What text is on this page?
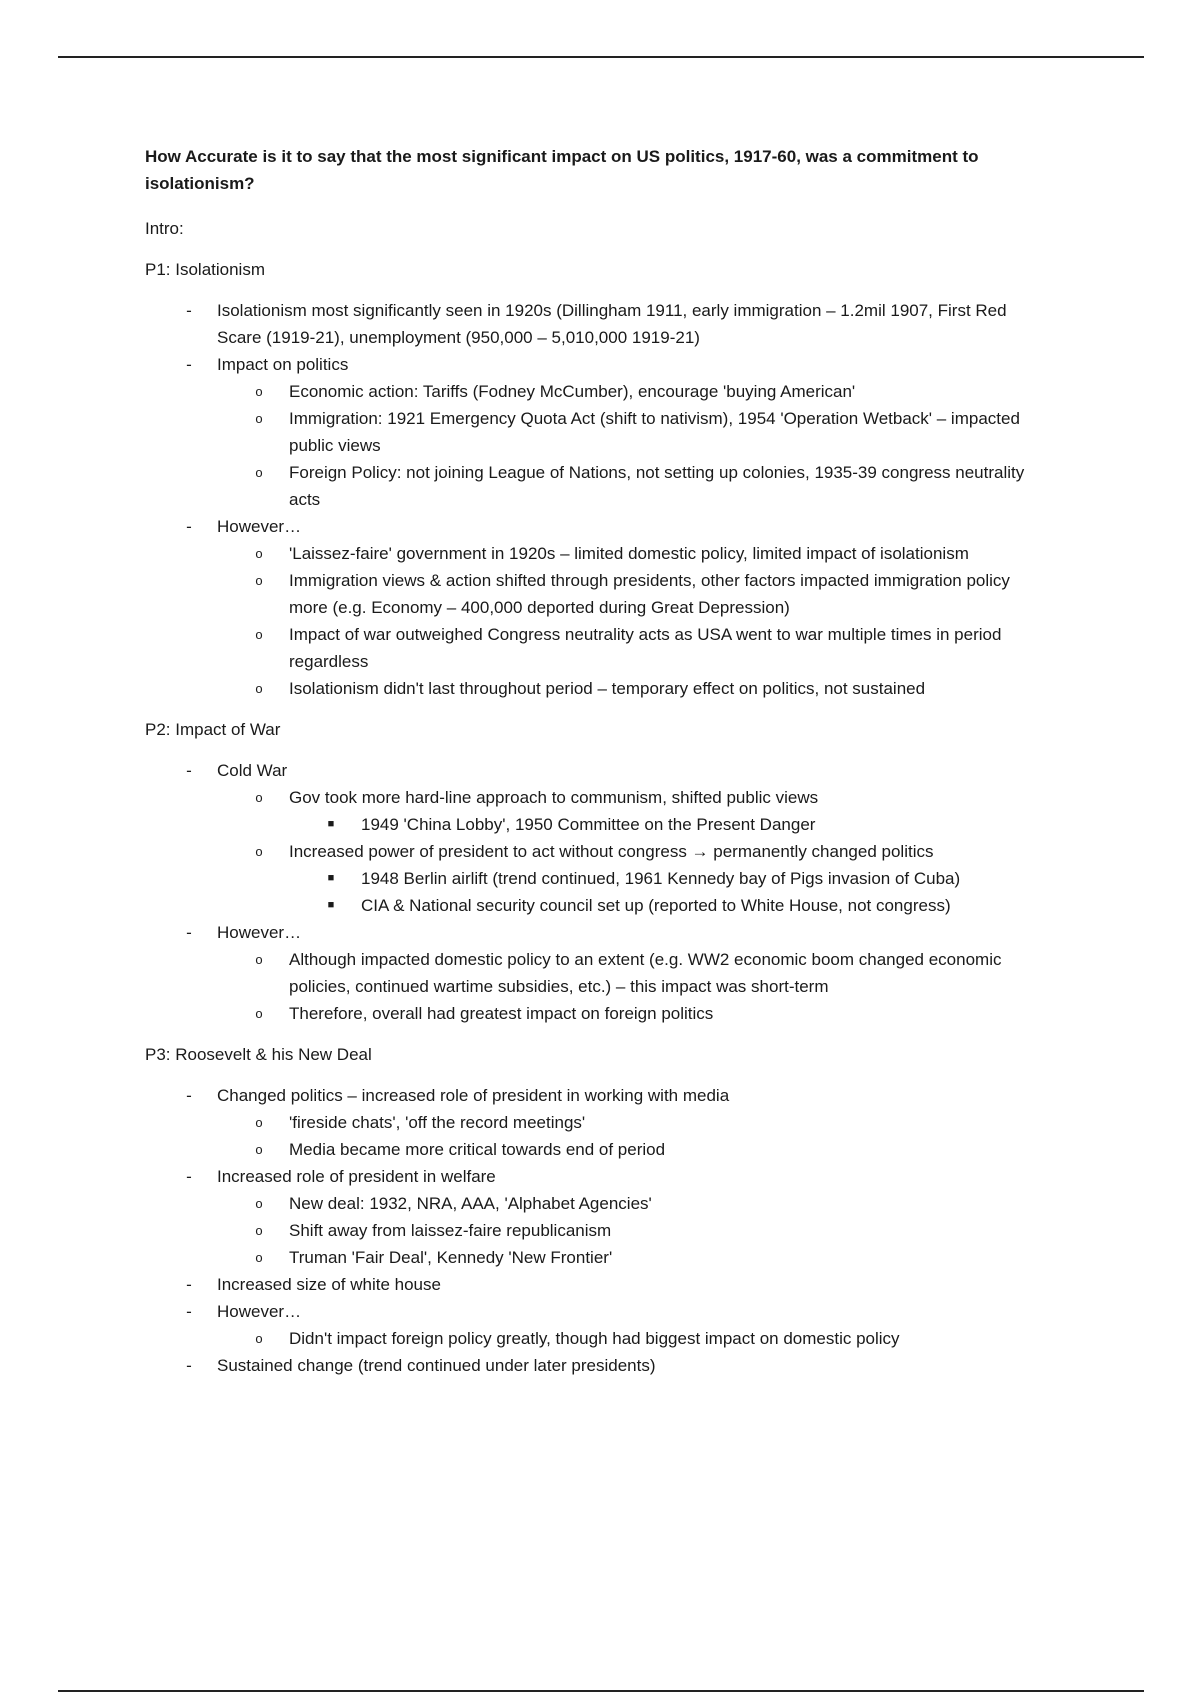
How Accurate is it to say that the most significant impact on US politics, 1917-60, was a commitment to isolationism?

Intro:

P1: Isolationism

-	Isolationism most significantly seen in 1920s (Dillingham 1911, early immigration – 1.2mil 1907, First Red Scare (1919-21), unemployment (950,000 – 5,010,000 1919-21)
-	Impact on politics
o Economic action: Tariffs (Fodney McCumber), encourage 'buying American'
o Immigration: 1921 Emergency Quota Act (shift to nativism), 1954 'Operation Wetback' – impacted public views
o Foreign Policy: not joining League of Nations, not setting up colonies, 1935-39 congress neutrality acts
-	However…
o 'Laissez-faire' government in 1920s – limited domestic policy, limited impact of isolationism
o Immigration views & action shifted through presidents, other factors impacted immigration policy more (e.g. Economy – 400,000 deported during Great Depression)
o Impact of war outweighed Congress neutrality acts as USA went to war multiple times in period regardless
o Isolationism didn't last throughout period – temporary effect on politics, not sustained

P2: Impact of War

-	Cold War
o Gov took more hard-line approach to communism, shifted public views
■ 1949 'China Lobby', 1950 Committee on the Present Danger
o Increased power of president to act without congress → permanently changed politics
■ 1948 Berlin airlift (trend continued, 1961 Kennedy bay of Pigs invasion of Cuba)
■ CIA & National security council set up (reported to White House, not congress)
-	However…
o Although impacted domestic policy to an extent (e.g. WW2 economic boom changed economic policies, continued wartime subsidies, etc.) – this impact was short-term
o Therefore, overall had greatest impact on foreign politics

P3: Roosevelt & his New Deal

-	Changed politics – increased role of president in working with media
o 'fireside chats', 'off the record meetings'
o Media became more critical towards end of period
-	Increased role of president in welfare
o New deal: 1932, NRA, AAA, 'Alphabet Agencies'
o Shift away from laissez-faire republicanism
o Truman 'Fair Deal', Kennedy 'New Frontier'
-	Increased size of white house
-	However…
o Didn't impact foreign policy greatly, though had biggest impact on domestic policy
-	Sustained change (trend continued under later presidents)
